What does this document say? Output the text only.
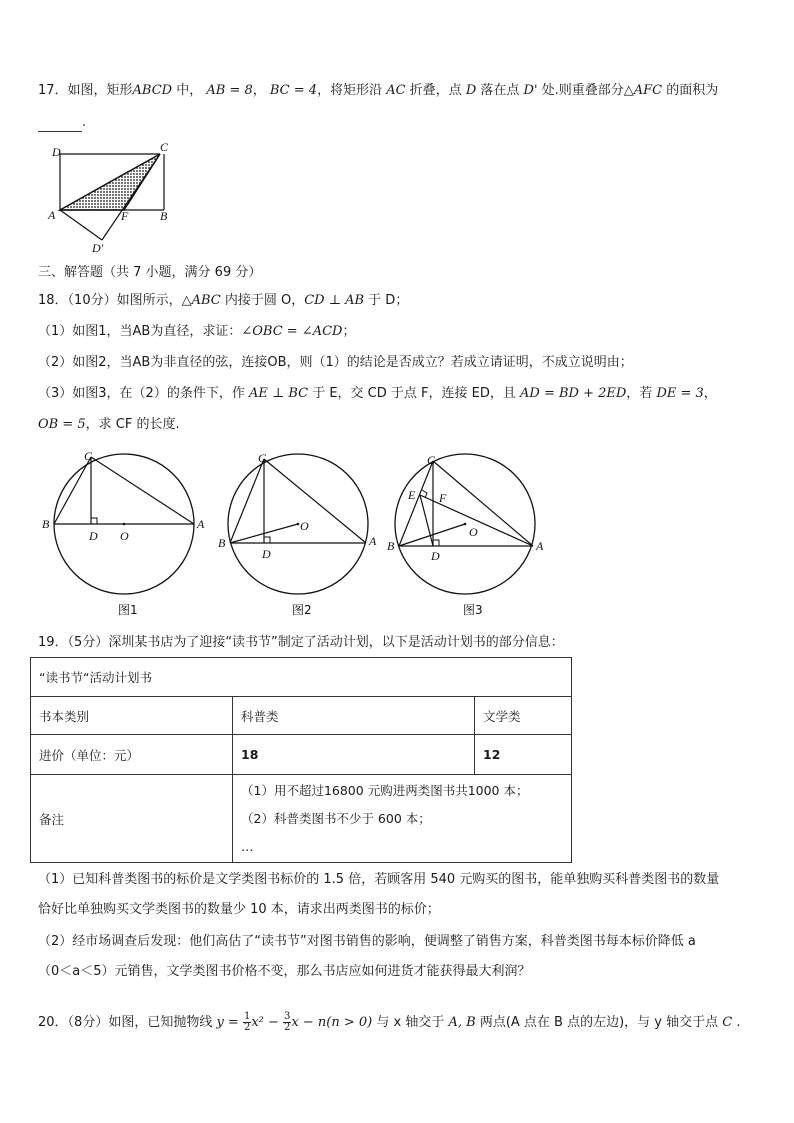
17．如图，矩形ABCD 中， AB = 8， BC = 4，将矩形沿 AC 折叠，点 D 落在点 D' 处.则重叠部分△AFC 的面积为
.
D	C
A	F	B
D'
三、解答题（共 7 小题，满分 69 分）
18．（10分）如图所示，△ABC 内接于圆 O，CD ⊥ AB 于 D；
（1）如图1，当AB为直径，求证：∠OBC = ∠ACD；
（2）如图2，当AB为非直径的弦，连接OB，则（1）的结论是否成立？若成立请证明，不成立说明由；
（3）如图3，在（2）的条件下，作 AE ⊥ BC 于 E，交 CD 于点 F，连接 ED，且 AD = BD + 2ED，若 DE = 3，
OB = 5，求 CF 的长度.
C
B	A
D O
图1
C
B	A
D
O
图2
C
E F
B	A
D
O
图3
19．（5分）深圳某书店为了迎接“读书节”制定了活动计划，以下是活动计划书的部分信息：
“读书节“活动计划书		
书本类别	科普类	文学类
进价（单位：元）	18	12
备注	（1）用不超过16800 元购进两类图书共1000 本；
（2）科普类图书不少于 600 本；
…	
（1）已知科普类图书的标价是文学类图书标价的 1.5 倍，若顾客用 540 元购买的图书，能单独购买科普类图书的数量
恰好比单独购买文学类图书的数量少 10 本，请求出两类图书的标价；
（2）经市场调查后发现：他们高估了“读书节”对图书销售的影响，便调整了销售方案，科普类图书每本标价降低 a
（0＜a＜5）元销售，文学类图书价格不变，那么书店应如何进货才能获得最大利润？
20．（8分）如图，已知抛物线 $y = \frac{1}{2} x^2 - \frac{3}{2}$ x − n(n > 0) 与 x 轴交于 A, B 两点(A 点在 B 点的左边)，与 y 轴交于点 C .
